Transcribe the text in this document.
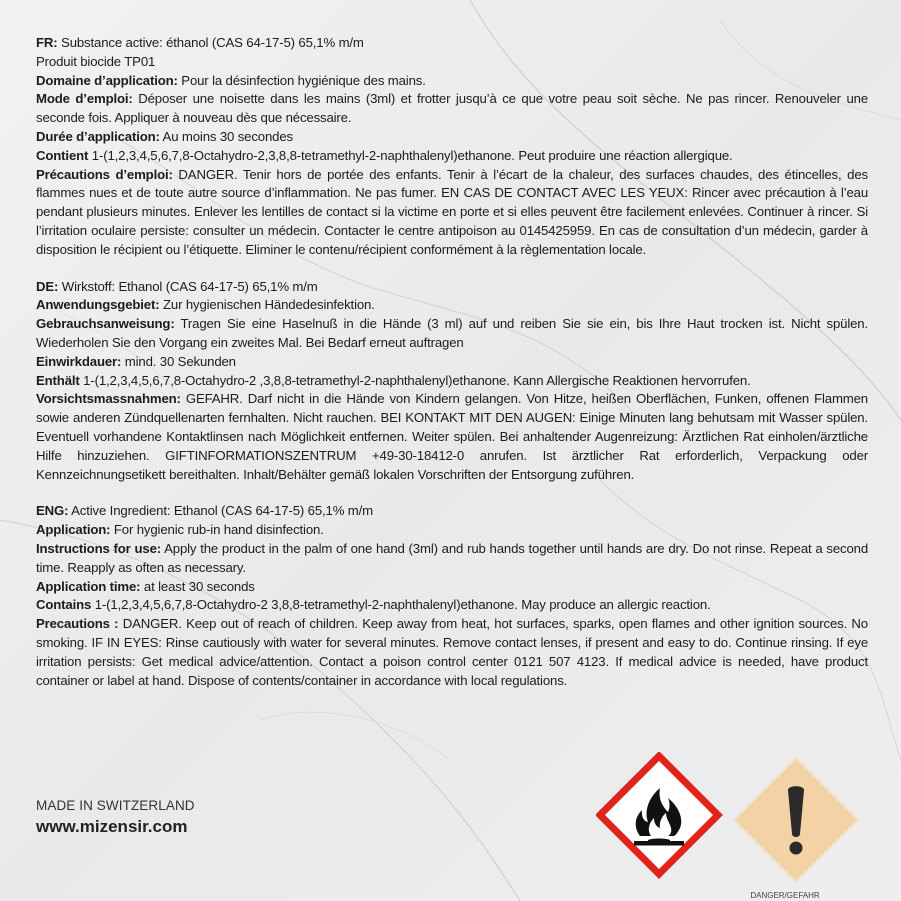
FR: Substance active: éthanol (CAS 64-17-5) 65,1% m/m

Produit biocide TP01

Domaine d’application: Pour la désinfection hygiénique des mains.

Mode d’emploi: Déposer une noisette dans les mains (3ml) et frotter jusqu’à ce que votre peau soit sèche. Ne pas rincer. Renouveler une seconde fois. Appliquer à nouveau dès que nécessaire.

Durée d’application: Au moins 30 secondes

Contient 1-(1,2,3,4,5,6,7,8-Octahydro-2,3,8,8-tetramethyl-2-naphthalenyl)ethanone. Peut produire une réaction allergique.

Précautions d’emploi: DANGER. Tenir hors de portée des enfants. Tenir à l’écart de la chaleur, des surfaces chaudes, des étincelles, des flammes nues et de toute autre source d’inflammation. Ne pas fumer. EN CAS DE CONTACT AVEC LES YEUX: Rincer avec précaution à l’eau pendant plusieurs minutes. Enlever les lentilles de contact si la victime en porte et si elles peuvent être facilement enlevées. Continuer à rincer. Si l’irritation oculaire persiste: consulter un médecin. Contacter le centre antipoison au 0145425959. En cas de consultation d’un médecin, garder à disposition le récipient ou l’étiquette. Eliminer le contenu/récipient conformément à la règlementation locale.

DE: Wirkstoff: Ethanol (CAS 64-17-5) 65,1% m/m

Anwendungsgebiet: Zur hygienischen Händedesinfektion.

Gebrauchsanweisung: Tragen Sie eine Haselnuß in die Hände (3 ml) auf und reiben Sie sie ein, bis Ihre Haut trocken ist. Nicht spülen. Wiederholen Sie den Vorgang ein zweites Mal. Bei Bedarf erneut auftragen

Einwirkdauer: mind. 30 Sekunden

Enthält 1-(1,2,3,4,5,6,7,8-Octahydro-2 ,3,8,8-tetramethyl-2-naphthalenyl)ethanone. Kann Allergische Reaktionen hervorrufen.

Vorsichtsmassnahmen: GEFAHR. Darf nicht in die Hände von Kindern gelangen. Von Hitze, heißen Oberflächen, Funken, offenen Flammen sowie anderen Zündquellenarten fernhalten. Nicht rauchen. BEI KONTAKT MIT DEN AUGEN: Einige Minuten lang behutsam mit Wasser spülen. Eventuell vorhandene Kontaktlinsen nach Möglichkeit entfernen. Weiter spülen. Bei anhaltender Augenreizung: Ärztlichen Rat einholen/ärztliche Hilfe hinzuziehen. GIFTINFORMATIONSZENTRUM +49-30-18412-0 anrufen. Ist ärztlicher Rat erforderlich, Verpackung oder Kennzeichnungsetikett bereithalten. Inhalt/Behälter gemäß lokalen Vorschriften der Entsorgung zuführen.

ENG: Active Ingredient: Ethanol (CAS 64-17-5) 65,1% m/m

Application: For hygienic rub-in hand disinfection.

Instructions for use: Apply the product in the palm of one hand (3ml) and rub hands together until hands are dry. Do not rinse. Repeat a second time. Reapply as often as necessary.

Application time: at least 30 seconds

Contains 1-(1,2,3,4,5,6,7,8-Octahydro-2 3,8,8-tetramethyl-2-naphthalenyl)ethanone. May produce an allergic reaction.

Precautions : DANGER. Keep out of reach of children. Keep away from heat, hot surfaces, sparks, open flames and other ignition sources. No smoking. IF IN EYES: Rinse cautiously with water for several minutes. Remove contact lenses, if present and easy to do. Continue rinsing. If eye irritation persists: Get medical advice/attention. Contact a poison control center 0121 507 4123. If medical advice is needed, have product container or label at hand. Dispose of contents/container in accordance with local regulations.

MADE IN SWITZERLAND
www.mizensir.com
DANGER/GEFAHR
